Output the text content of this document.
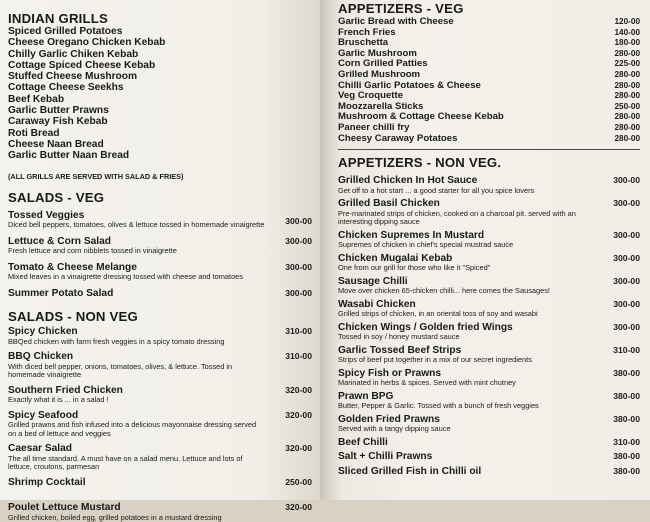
INDIAN GRILLS
Spiced Grilled Potatoes
Cheese Oregano Chicken Kebab
Chilly Garlic Chiken Kebab
Cottage Spiced Cheese Kebab
Stuffed Cheese Mushroom
Cottage Cheese Seekhs
Beef Kebab
Garlic Butter Prawns
Caraway Fish Kebab
Roti Bread
Cheese Naan Bread
Garlic Butter Naan Bread
(ALL GRILLS ARE SERVED WITH SALAD & FRIES)
SALADS - VEG
Tossed Veggies
Diced bell peppers, tomatoes, olives & lettuce tossed in homemade vinaigrette	300-00
Lettuce & Corn Salad
Fresh lettuce and corn nibblets tossed in vinaigrette
300-00
Tomato & Cheese Melange
Mixed leaves in a vinaigrette dressing tossed with cheese and tomatoes
300-00
Summer Potato Salad	300-00
SALADS - NON VEG
Spicy Chicken
BBQed chicken with farm fresh veggies in a spicy tomato dressing
310-00
BBQ Chicken
With diced bell pepper, onions, tomatoes, olives, & lettuce. Tossed in homemade vinaigrette
310-00
Southern Fried Chicken
Exactly what it is ... in a salad !
320-00
Spicy Seafood
Grilled prawns and fish infused into a delicious mayonnaise dressing served on a bed of lettuce and veggies
320-00
Caesar Salad
The all time standard. A must have on a salad menu. Lettuce and lots of lettuce, croutons, parmesan
320-00
Shrimp Cocktail	250-00
Poulet Lettuce Mustard
Grilled chicken, boiled egg, grilled potatoes in a mustard dressing
320-00
APPETIZERS - VEG
Garlic Bread with Cheese	120-00
French Fries	140-00
Bruschetta	180-00
Garlic Mushroom	280-00
Corn Grilled Patties	225-00
Grilled Mushroom	280-00
Chilli Garlic Potatoes & Cheese	280-00
Veg Croquette	280-00
Moozzarella Sticks	250-00
Mushroom & Cottage Cheese Kebab	280-00
Paneer chilli fry	280-00
Cheesy Caraway Potatoes	280-00
APPETIZERS - NON VEG.
Grilled Chicken In Hot Sauce
Get off to a hot start ... a good starter for all you spice lovers
300-00
Grilled Basil Chicken
Pre-marinated strips of chicken, cooked on a charcoal pit. served with an interesting dipping sauce
300-00
Chicken Supremes In Mustard
Supremes of chicken in chief's special mustrad sauce
300-00
Chicken Mugalai Kebab
One from our grill for those who like it "Spiced"
300-00
Sausage Chilli
Move over chicken 65-chicken chilli... here comes the Sausages!
300-00
Wasabi Chicken
Grilled strips of chicken, in an oriental toss of soy and wasabi
300-00
Chicken Wings / Golden fried Wings
Tossed in soy / honey mustard sauce
300-00
Garlic Tossed Beef Strips
Strips of beef put together in a mix of our secret ingredients
310-00
Spicy Fish or Prawns
Marinated in herbs & spices. Served with mint chutney
380-00
Prawn BPG
Butter, Pepper & Garlic. Tossed with a bunch of fresh veggies
380-00
Golden Fried Prawns
Served with a tangy dipping sauce
380-00
Beef Chilli	310-00
Salt + Chilli Prawns	380-00
Sliced Grilled Fish in Chilli oil	380-00
